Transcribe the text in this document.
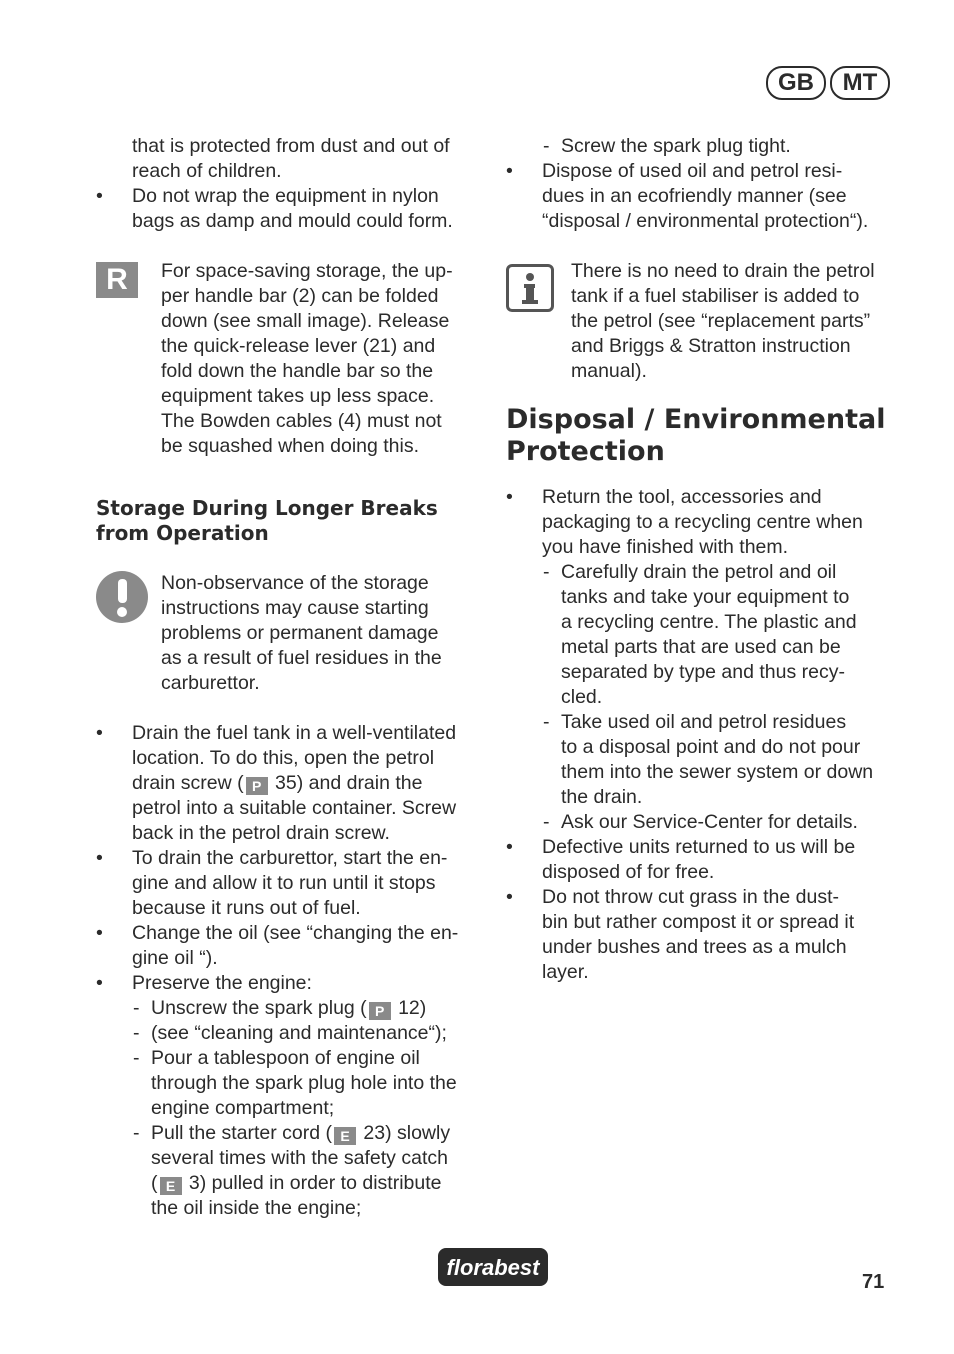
GB	MT
that is protected from dust and out of
reach of children.
• Do not wrap the equipment in nylon
bags as damp and mould could form.
R	For space-saving storage, the up-
per handle bar (2) can be folded
down (see small image). Release
the quick-release lever (21) and
fold down the handle bar so the
equipment takes up less space.
The Bowden cables (4) must not
be squashed when doing this.
Storage During Longer Breaks
from Operation
Non-observance of the storage
instructions may cause starting
problems or permanent damage
as a result of fuel residues in the
carburettor.
• Drain the fuel tank in a well-ventilated
location. To do this, open the petrol
drain screw ( P 35) and drain the
petrol into a suitable container. Screw
back in the petrol drain screw.
• To drain the carburettor, start the en-
gine and allow it to run until it stops
because it runs out of fuel.
• Change the oil (see “changing the en-
gine oil “).
• Preserve the engine:
- Unscrew the spark plug ( P 12)
- (see “cleaning and maintenance“);
- Pour a tablespoon of engine oil
through the spark plug hole into the
engine compartment;
- Pull the starter cord ( E 23) slowly
several times with the safety catch
( E 3) pulled in order to distribute
the oil inside the engine;
- Screw the spark plug tight.
• Dispose of used oil and petrol resi-
dues in an ecofriendly manner (see
“disposal / environmental protection“).
There is no need to drain the petrol
tank if a fuel stabiliser is added to
the petrol (see “replacement parts”
and Briggs & Stratton instruction
manual).
Disposal / Environmental
Protection
• Return the tool, accessories and
packaging to a recycling centre when
you have finished with them.
- Carefully drain the petrol and oil
tanks and take your equipment to
a recycling centre. The plastic and
metal parts that are used can be
separated by type and thus recy-
cled.
- Take used oil and petrol residues
to a disposal point and do not pour
them into the sewer system or down
the drain.
- Ask our Service-Center for details.
• Defective units returned to us will be
disposed of for free.
• Do not throw cut grass in the dust-
bin but rather compost it or spread it
under bushes and trees as a mulch
layer.
florabest
71
